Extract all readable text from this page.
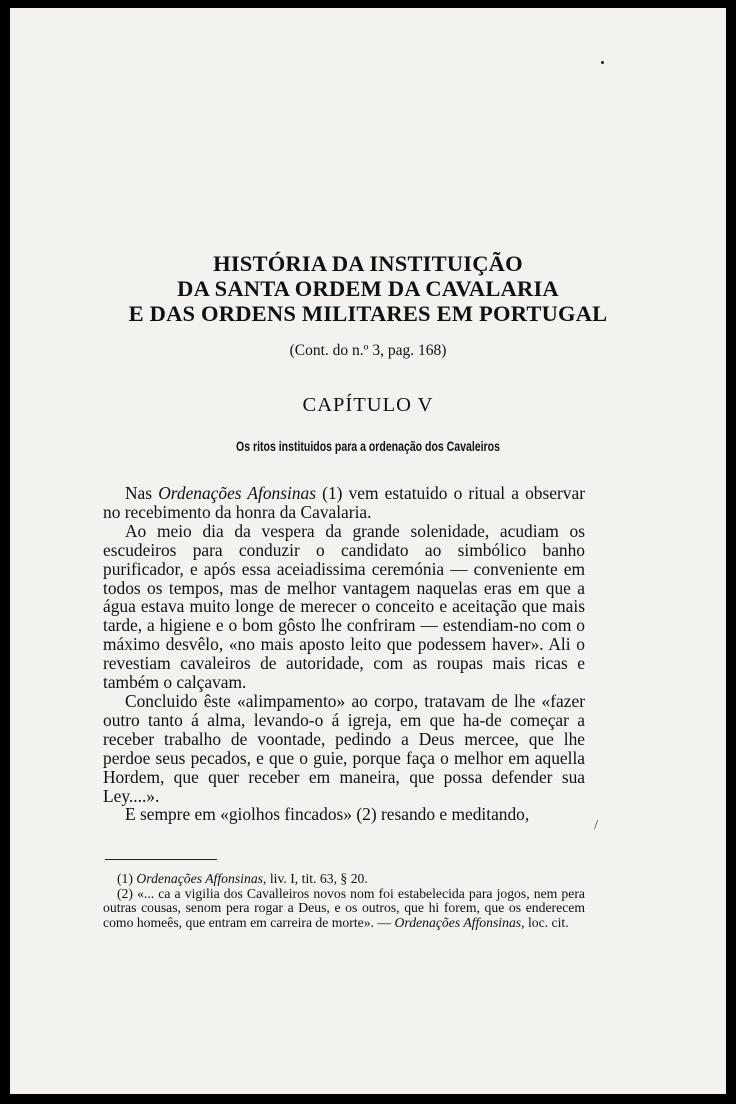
HISTÓRIA DA INSTITUIÇÃO
DA SANTA ORDEM DA CAVALARIA
E DAS ORDENS MILITARES EM PORTUGAL
(Cont. do n.º 3, pag. 168)
CAPÍTULO V
Os ritos instituidos para a ordenação dos Cavaleiros

Nas Ordenações Afonsinas (1) vem estatuido o ritual a observar no recebimento da honra da Cavalaria.

Ao meio dia da vespera da grande solenidade, acudiam os escudeiros para conduzir o candidato ao simbólico banho purificador, e após essa aceiadissima ceremónia — conveniente em todos os tempos, mas de melhor vantagem naquelas eras em que a água estava muito longe de merecer o conceito e aceitação que mais tarde, a higiene e o bom gôsto lhe confriram — estendiam-no com o máximo desvêlo, «no mais aposto leito que podessem haver». Ali o revestiam cavaleiros de autoridade, com as roupas mais ricas e também o calçavam.

Concluido êste «alimpamento» ao corpo, tratavam de lhe «fazer outro tanto á alma, levando-o á igreja, em que ha-de começar a receber trabalho de voontade, pedindo a Deus mercee, que lhe perdoe seus pecados, e que o guie, porque faça o melhor em aquella Hordem, que quer receber em maneira, que possa defender sua Ley....».

E sempre em «giolhos fincados» (2) resando e meditando,

(1) Ordenações Affonsinas, liv. I, tit. 63, § 20.

(2) «... ca a vigilia dos Cavalleiros novos nom foi estabelecida para jogos, nem pera outras cousas, senom pera rogar a Deus, e os outros, que hi forem, que os enderecem como homeês, que entram em carreira de morte». — Ordenações Affonsinas, loc. cit.

/
